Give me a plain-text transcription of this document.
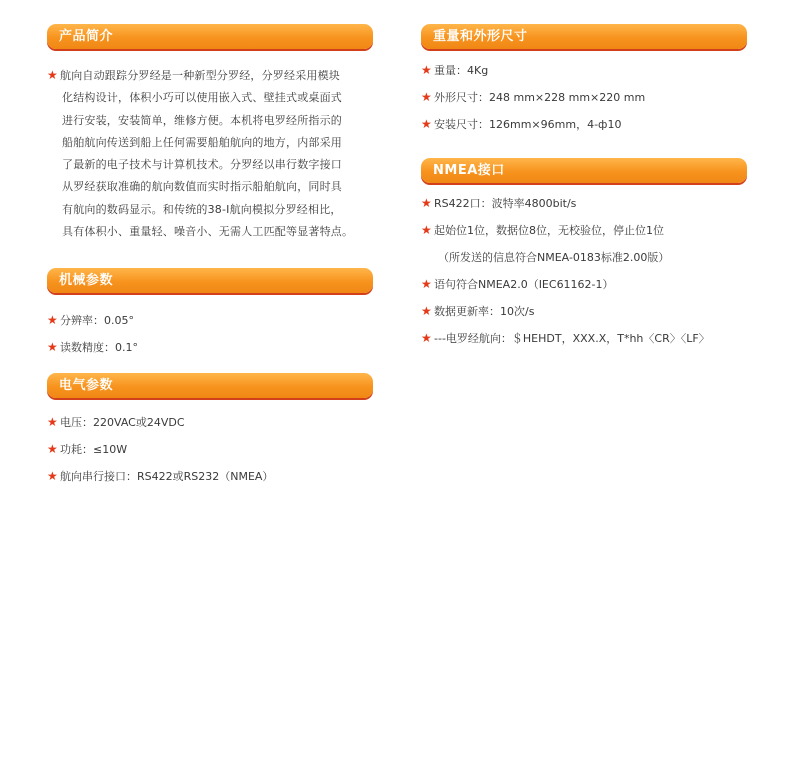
产品简介
★ 航向自动跟踪分罗经是一种新型分罗经，分罗经采用模块
化结构设计，体积小巧可以使用嵌入式、壁挂式或桌面式
进行安装，安装简单，维修方便。本机将电罗经所指示的
船舶航向传送到船上任何需要船舶航向的地方，内部采用
了最新的电子技术与计算机技术。分罗经以串行数字接口
从罗经获取准确的航向数值而实时指示船舶航向，同时具
有航向的数码显示。和传统的38-Ⅰ航向模拟分罗经相比，
具有体积小、重量轻、噪音小、无需人工匹配等显著特点。
机械参数
★ 分辨率：0.05°
★ 读数精度：0.1°
电气参数
★ 电压：220VAC或24VDC
★ 功耗：≤10W
★ 航向串行接口：RS422或RS232（NMEA）
重量和外形尺寸
★ 重量：4Kg
★ 外形尺寸：248 mm×228 mm×220 mm
★ 安装尺寸：126mm×96mm，4-ф10
NMEA接口
★ RS422口：波特率4800bit/s
★ 起始位1位，数据位8位，无校验位，停止位1位
（所发送的信息符合NMEA-0183标准2.00版）
★ 语句符合NMEA2.0（IEC61162-1）
★ 数据更新率：10次/s
★ ---电罗经航向：＄HEHDT，XXX.X，T*hh〈CR〉〈LF〉
